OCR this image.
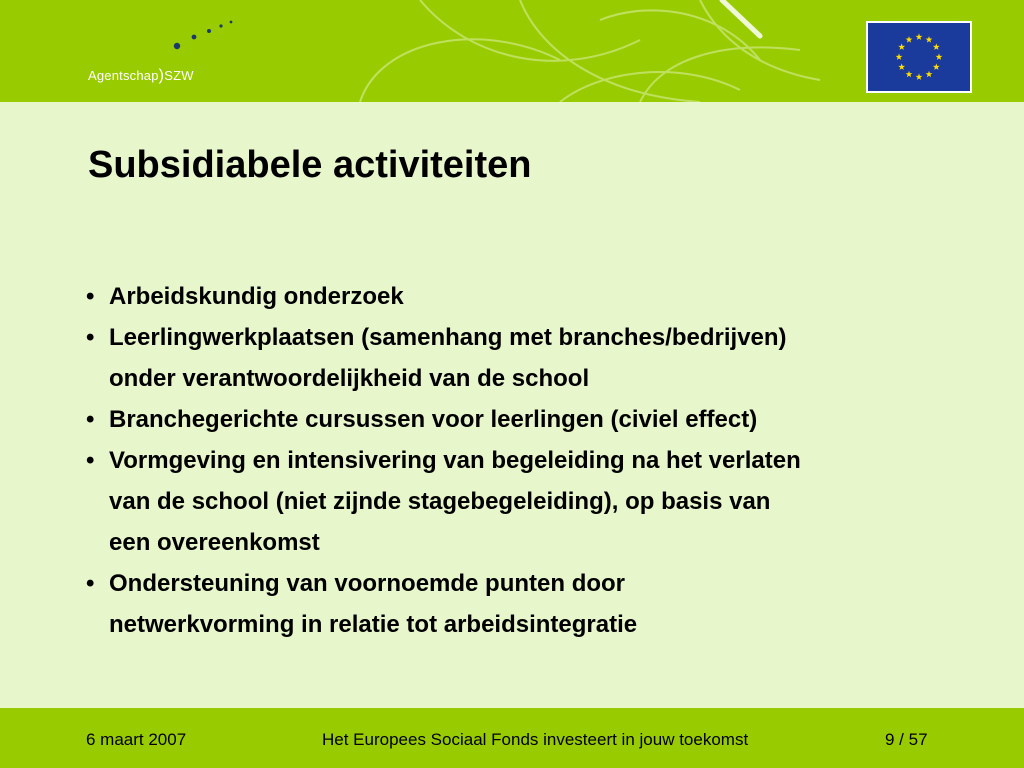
Agentschap)SZW
Subsidiabele activiteiten
• Arbeidskundig onderzoek
• Leerlingwerkplaatsen (samenhang met branches/bedrijven)
onder verantwoordelijkheid van de school
• Branchegerichte cursussen voor leerlingen (civiel effect)
• Vormgeving en intensivering van begeleiding na het verlaten
van de school (niet zijnde stagebegeleiding), op basis van
een overeenkomst
• Ondersteuning van voornoemde punten door
netwerkvorming in relatie tot arbeidsintegratie
6 maart 2007	Het Europees Sociaal Fonds investeert in jouw toekomst	9 / 57
